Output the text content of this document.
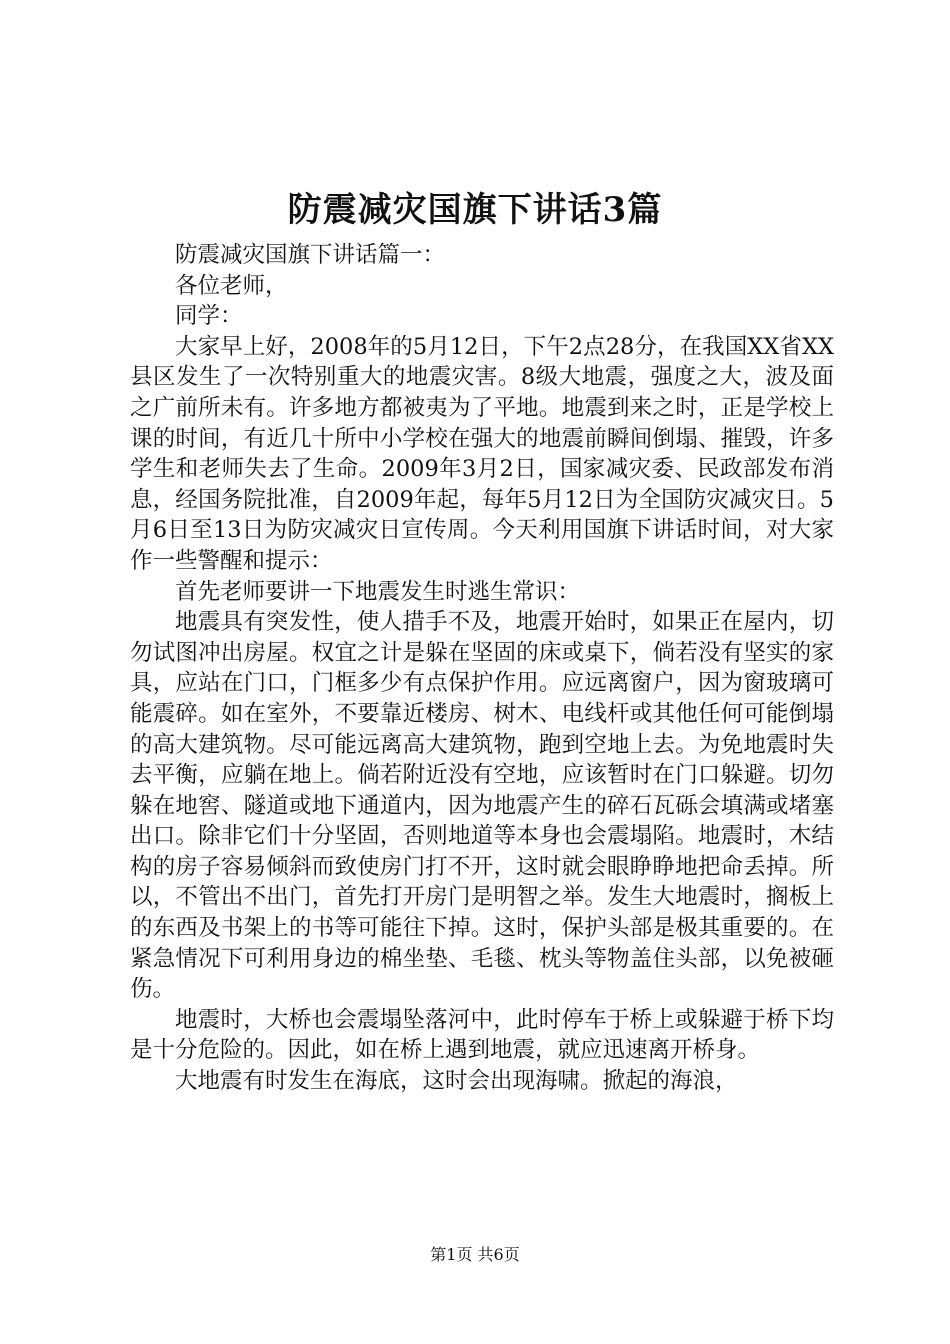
防震减灾国旗下讲话3篇

防震减灾国旗下讲话篇一：

各位老师，

同学：

大家早上好，2008年的5月12日，下午2点28分，在我国XX省XX县区发生了一次特别重大的地震灾害。8级大地震，强度之大，波及面之广前所未有。许多地方都被夷为了平地。地震到来之时，正是学校上课的时间，有近几十所中小学校在强大的地震前瞬间倒塌、摧毁，许多学生和老师失去了生命。2009年3月2日，国家减灾委、民政部发布消息，经国务院批准，自2009年起，每年5月12日为全国防灾减灾日。5月6日至13日为防灾减灾日宣传周。今天利用国旗下讲话时间，对大家作一些警醒和提示：

首先老师要讲一下地震发生时逃生常识：

地震具有突发性，使人措手不及，地震开始时，如果正在屋内，切勿试图冲出房屋。权宜之计是躲在坚固的床或桌下，倘若没有坚实的家具，应站在门口，门框多少有点保护作用。应远离窗户，因为窗玻璃可能震碎。如在室外，不要靠近楼房、树木、电线杆或其他任何可能倒塌的高大建筑物。尽可能远离高大建筑物，跑到空地上去。为免地震时失去平衡，应躺在地上。倘若附近没有空地，应该暂时在门口躲避。切勿躲在地窖、隧道或地下通道内，因为地震产生的碎石瓦砾会填满或堵塞出口。除非它们十分坚固，否则地道等本身也会震塌陷。地震时，木结构的房子容易倾斜而致使房门打不开，这时就会眼睁睁地把命丢掉。所以，不管出不出门，首先打开房门是明智之举。发生大地震时，搁板上的东西及书架上的书等可能往下掉。这时，保护头部是极其重要的。在紧急情况下可利用身边的棉坐垫、毛毯、枕头等物盖住头部，以免被砸伤。

地震时，大桥也会震塌坠落河中，此时停车于桥上或躲避于桥下均是十分危险的。因此，如在桥上遇到地震，就应迅速离开桥身。

大地震有时发生在海底，这时会出现海啸。掀起的海浪，

第1页 共6页
